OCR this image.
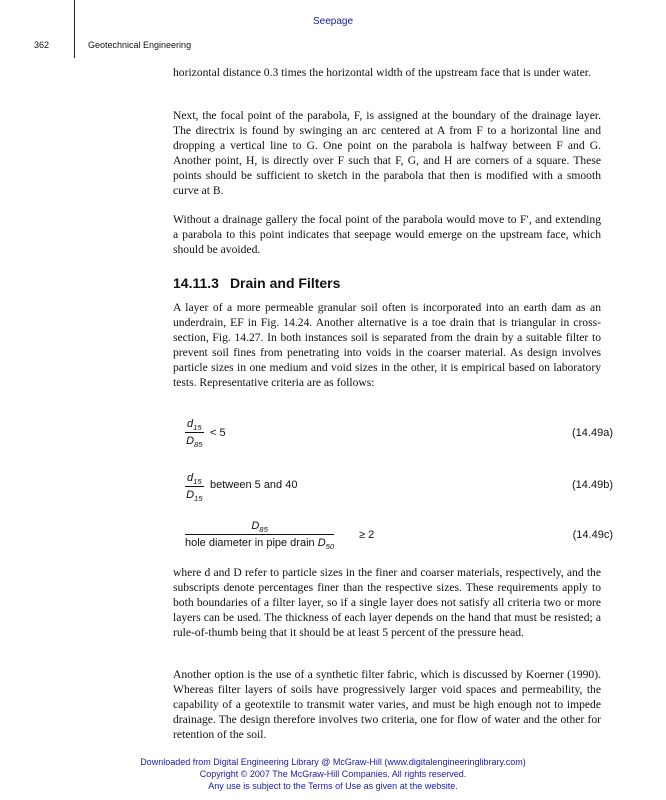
Seepage
362	Geotechnical Engineering
horizontal distance 0.3 times the horizontal width of the upstream face that is under water.
Next, the focal point of the parabola, F, is assigned at the boundary of the drainage layer. The directrix is found by swinging an arc centered at A from F to a horizontal line and dropping a vertical line to G. One point on the parabola is halfway between F and G. Another point, H, is directly over F such that F, G, and H are corners of a square. These points should be sufficient to sketch in the parabola that then is modified with a smooth curve at B.
Without a drainage gallery the focal point of the parabola would move to F′, and extending a parabola to this point indicates that seepage would emerge on the upstream face, which should be avoided.
14.11.3 Drain and Filters
A layer of a more permeable granular soil often is incorporated into an earth dam as an underdrain, EF in Fig. 14.24. Another alternative is a toe drain that is triangular in cross-section, Fig. 14.27. In both instances soil is separated from the drain by a suitable filter to prevent soil fines from penetrating into voids in the coarser material. As design involves particle sizes in one medium and void sizes in the other, it is empirical based on laboratory tests. Representative criteria are as follows:
$\frac{d_{15}}{D_{85}} < 5$	(14.49a)
$\frac{d_{15}}{D_{15}}$ between 5 and 40	(14.49b)
$D_{85}$
hole diameter in pipe drain $D_{50}$
≥ 2	(14.49c)
where d and D refer to particle sizes in the finer and coarser materials, respectively, and the subscripts denote percentages finer than the respective sizes. These requirements apply to both boundaries of a filter layer, so if a single layer does not satisfy all criteria two or more layers can be used. The thickness of each layer depends on the hand that must be resisted; a rule-of-thumb being that it should be at least 5 percent of the pressure head.
Another option is the use of a synthetic filter fabric, which is discussed by Koerner (1990). Whereas filter layers of soils have progressively larger void spaces and permeability, the capability of a geotextile to transmit water varies, and must be high enough not to impede drainage. The design therefore involves two criteria, one for flow of water and the other for retention of the soil.
Downloaded from Digital Engineering Library @ McGraw-Hill (www.digitalengineeringlibrary.com)
Copyright © 2007 The McGraw-Hill Companies. All rights reserved.
Any use is subject to the Terms of Use as given at the website.
